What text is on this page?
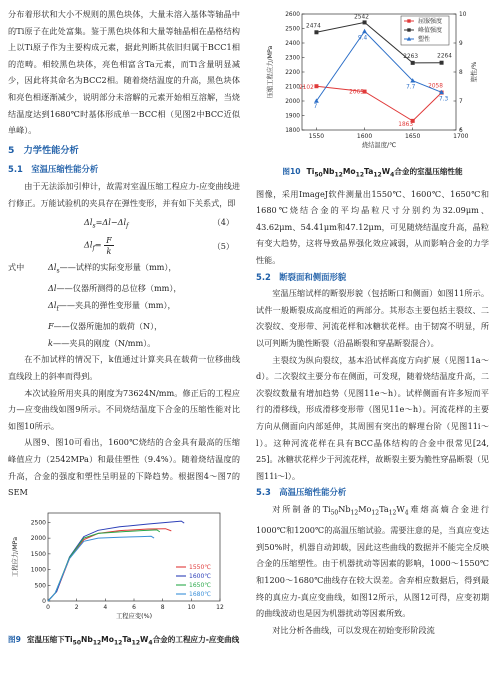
分布着形状和大小不规则的黑色块体，大量未溶入基体等轴晶中的Ti原子在此处富集。鉴于黑色块体和大量等轴晶相在晶格结构上以Ti原子作为主要构成元素，据此判断其依旧归属于BCC1相的范畴。相较黑色块体，亮色相富含Ta元素，而Ti含量明显减少，因此将其命名为BCC2相。随着烧结温度的升高，黑色块体和亮色相逐渐减少，说明部分未溶解的元素开始相互溶解，当烧结温度达到1680℃时基体形成单一BCC相（见图2中BCC近似单峰）。

5　力学性能分析
5.1　室温压缩性能分析

由于无法添加引伸计，故需对室温压缩工程应力-应变曲线进行修正。万能试验机的夹具存在弹性变形，并有如下关系式，即

$\Delta l_s=\Delta l-\Delta l_f$	（4）
$\Delta l_f= \frac{F}{k}$	（5）
式中	$\Delta l_s——$试样的实际变形量（mm），
Δl——仪器所测得的总位移（mm），
$\Delta l_f——$夹具的弹性变形量（mm），
F——仪器所施加的载荷（N），
k——夹具的刚度（N/mm）。

在不加试样的情况下，k值通过计算夹具在载荷一位移曲线直线段上的斜率而得到。

本次试验所用夹具的刚度为73624N/mm。修正后的工程应力—应变曲线如图9所示。不同烧结温度下合金的压缩性能对比如图10所示。

从图9、图10可看出，1600℃烧结的合金具有最高的压缩峰值应力（2542MPa）和最佳塑性（9.4%）。随着烧结温度的升高，合金的强度和塑性呈明显的下降趋势。根据图4～图7的SEM

0	2	4	6	8	10	12
0
500
1000
1500
2000
2500
工程应变(%)
工程应力/MPa	1550℃
1600℃
1650℃
1680℃
图9 室温压缩下$Ti_{50}Nb_{12}Mo_{12}Ta_{12}W_4$合金的工程应力-应变曲线
1550	1600	1650	1700
1800
1900
2000
2100
2200
2300
2400
2500
2600
6
7
8
9
10
烧结温度/℃
压缩工程应力/MPa	塑性/%
2102
2065
1863
2058
2474
2542
2263	2264
7
9.4
7.7
7.3
屈服强度
峰值强度
塑性
图10 $Ti_{50}Nb_{12}Mo_{12}Ta_{12}W_4$合金的室温压缩性能

图像，采用ImageJ软件测量出1550℃、1600℃、1650℃和1680℃烧结合金的平均晶粒尺寸分别约为32.09μm、43.62μm、54.41μm和47.12μm，可见随烧结温度升高，晶粒有变大趋势，这将导致晶界强化效应减弱，从而影响合金的力学性能。

5.2　断裂面和侧面形貌

室温压缩试样的断裂形貌（包括断口和侧面）如图11所示。试件一般断裂成高度相近的两部分。其形态主要包括主裂纹、二次裂纹、变形带、河流花样和冰糖状花样。由于韧窝不明显，所以可判断为脆性断裂（沿晶断裂和穿晶断裂混合）。

主裂纹为纵向裂纹，基本沿试样高度方向扩展（见图11a～d）。二次裂纹主要分布在侧面，可发现，随着烧结温度升高，二次裂纹数量有增加趋势（见图11e～h）。试样侧面有许多短而平行的滑移线，形成滑移变形带（图见11e～h）。河流花样的主要方向从侧面向内部延伸，其周围有突出的解理台阶（见图11i～l）。这种河流花样在具有BCC晶体结构的合金中很常见[24, 25]。冰糖状花样少于河流花样，故断裂主要为脆性穿晶断裂（见图11i～l）。

5.3　高温压缩性能分析

对所制备的$Ti_{50}Nb_{12}Mo_{12}Ta_{12}W_4$难熔高熵合金进行1000℃和1200℃的高温压缩试验。需要注意的是，当真应变达到50%时，机器自动卸载，因此这些曲线的数据并不能完全反映合金的压缩塑性。由于机器扰动等因素的影响，1000～1550℃和1200～1680℃曲线存在较大误差。舍弃相应数据后，得到最终的真应力-真应变曲线，如图12所示，从图12可得，应变初期的曲线波动也是因为机器扰动等因素所致。

对比分析各曲线，可以发现在初始变形阶段流
